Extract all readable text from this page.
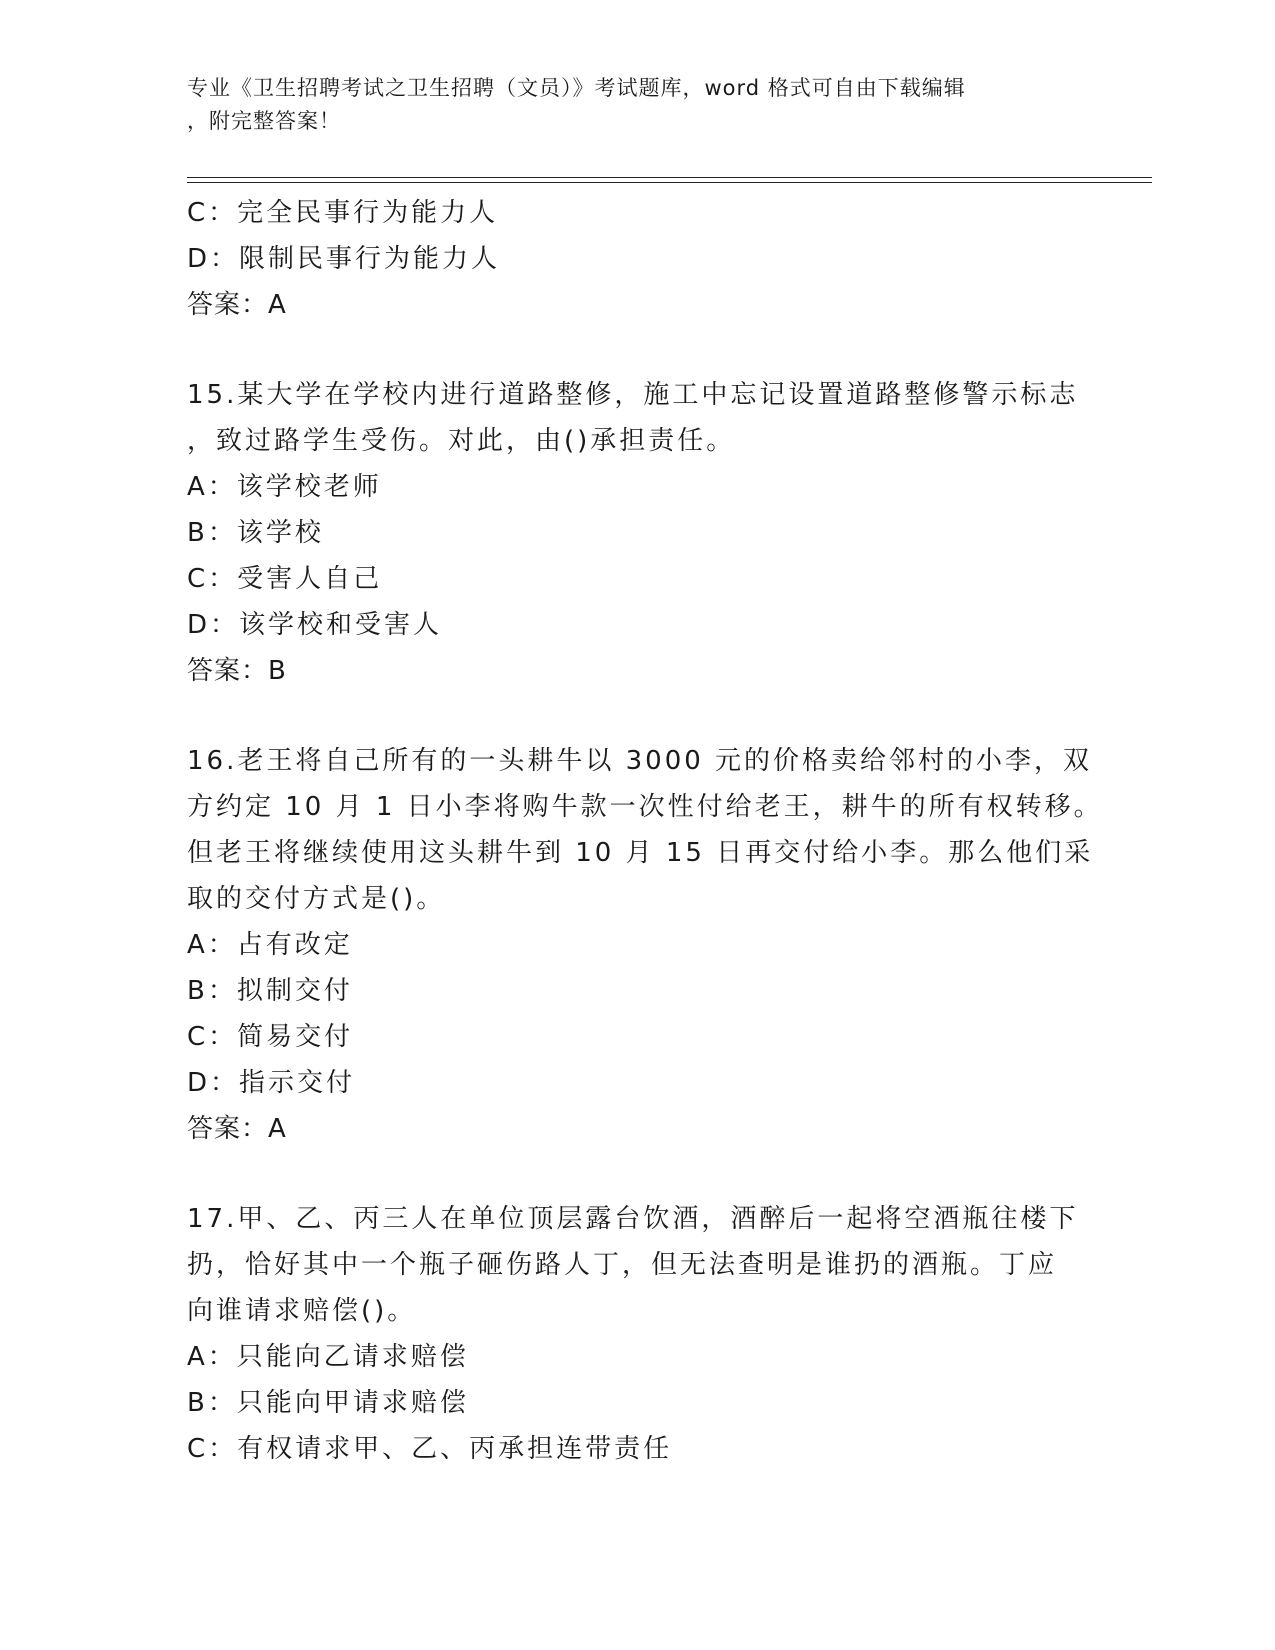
专业《卫生招聘考试之卫生招聘（文员）》考试题库，word 格式可自由下载编辑
，附完整答案！
C：完全民事行为能力人
D：限制民事行为能力人
答案：A
15.某大学在学校内进行道路整修，施工中忘记设置道路整修警示标志
，致过路学生受伤。对此，由()承担责任。
A：该学校老师
B：该学校
C：受害人自己
D：该学校和受害人
答案：B
16.老王将自己所有的一头耕牛以 3000 元的价格卖给邻村的小李，双
方约定 10 月 1 日小李将购牛款一次性付给老王，耕牛的所有权转移。
但老王将继续使用这头耕牛到 10 月 15 日再交付给小李。那么他们采
取的交付方式是()。
A：占有改定
B：拟制交付
C：简易交付
D：指示交付
答案：A
17.甲、乙、丙三人在单位顶层露台饮酒，酒醉后一起将空酒瓶往楼下
扔，恰好其中一个瓶子砸伤路人丁，但无法查明是谁扔的酒瓶。丁应
向谁请求赔偿()。
A：只能向乙请求赔偿
B：只能向甲请求赔偿
C：有权请求甲、乙、丙承担连带责任
